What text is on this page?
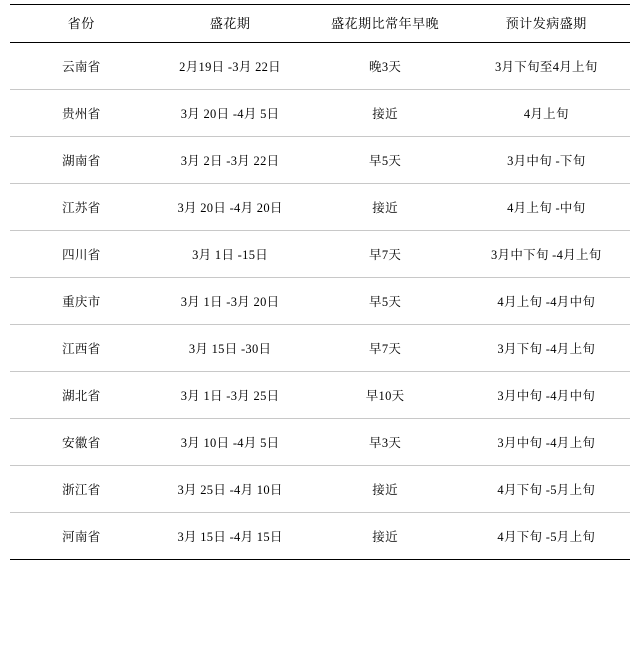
省份	盛花期	盛花期比常年早晚	预计发病盛期
云南省	2月19日 -3月 22日	晚3天	3月下旬至4月上旬
贵州省	3月 20日 -4月 5日	接近	4月上旬
湖南省	3月 2日 -3月 22日	早5天	3月中旬 -下旬
江苏省	3月 20日 -4月 20日	接近	4月上旬 -中旬
四川省	3月 1日 -15日	早7天	3月中下旬 -4月上旬
重庆市	3月 1日 -3月 20日	早5天	4月上旬 -4月中旬
江西省	3月 15日 -30日	早7天	3月下旬 -4月上旬
湖北省	3月 1日 -3月 25日	早10天	3月中旬 -4月中旬
安徽省	3月 10日 -4月 5日	早3天	3月中旬 -4月上旬
浙江省	3月 25日 -4月 10日	接近	4月下旬 -5月上旬
河南省	3月 15日 -4月 15日	接近	4月下旬 -5月上旬
